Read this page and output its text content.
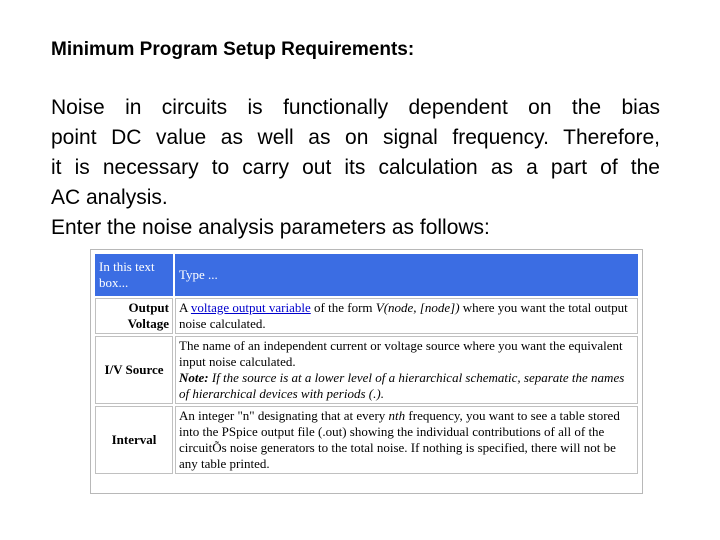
Minimum Program Setup Requirements:
Noise in circuits is functionally dependent on the bias
point DC value as well as on signal frequency. Therefore,
it is necessary to carry out its calculation as a part of the
AC analysis.
Enter the noise analysis parameters as follows:
In this text box...	Type ...
Output Voltage	A voltage output variable of the form V(node, [node]) where you want the total output noise calculated.
I/V Source	The name of an independent current or voltage source where you want the equivalent input noise calculated.
Note: If the source is at a lower level of a hierarchical schematic, separate the names of hierarchical devices with periods (.).
Interval	An integer "n" designating that at every nth frequency, you want to see a table stored into the PSpice output file (.out) showing the individual contributions of all of the circuitÕs noise generators to the total noise. If nothing is specified, there will not be any table printed.
